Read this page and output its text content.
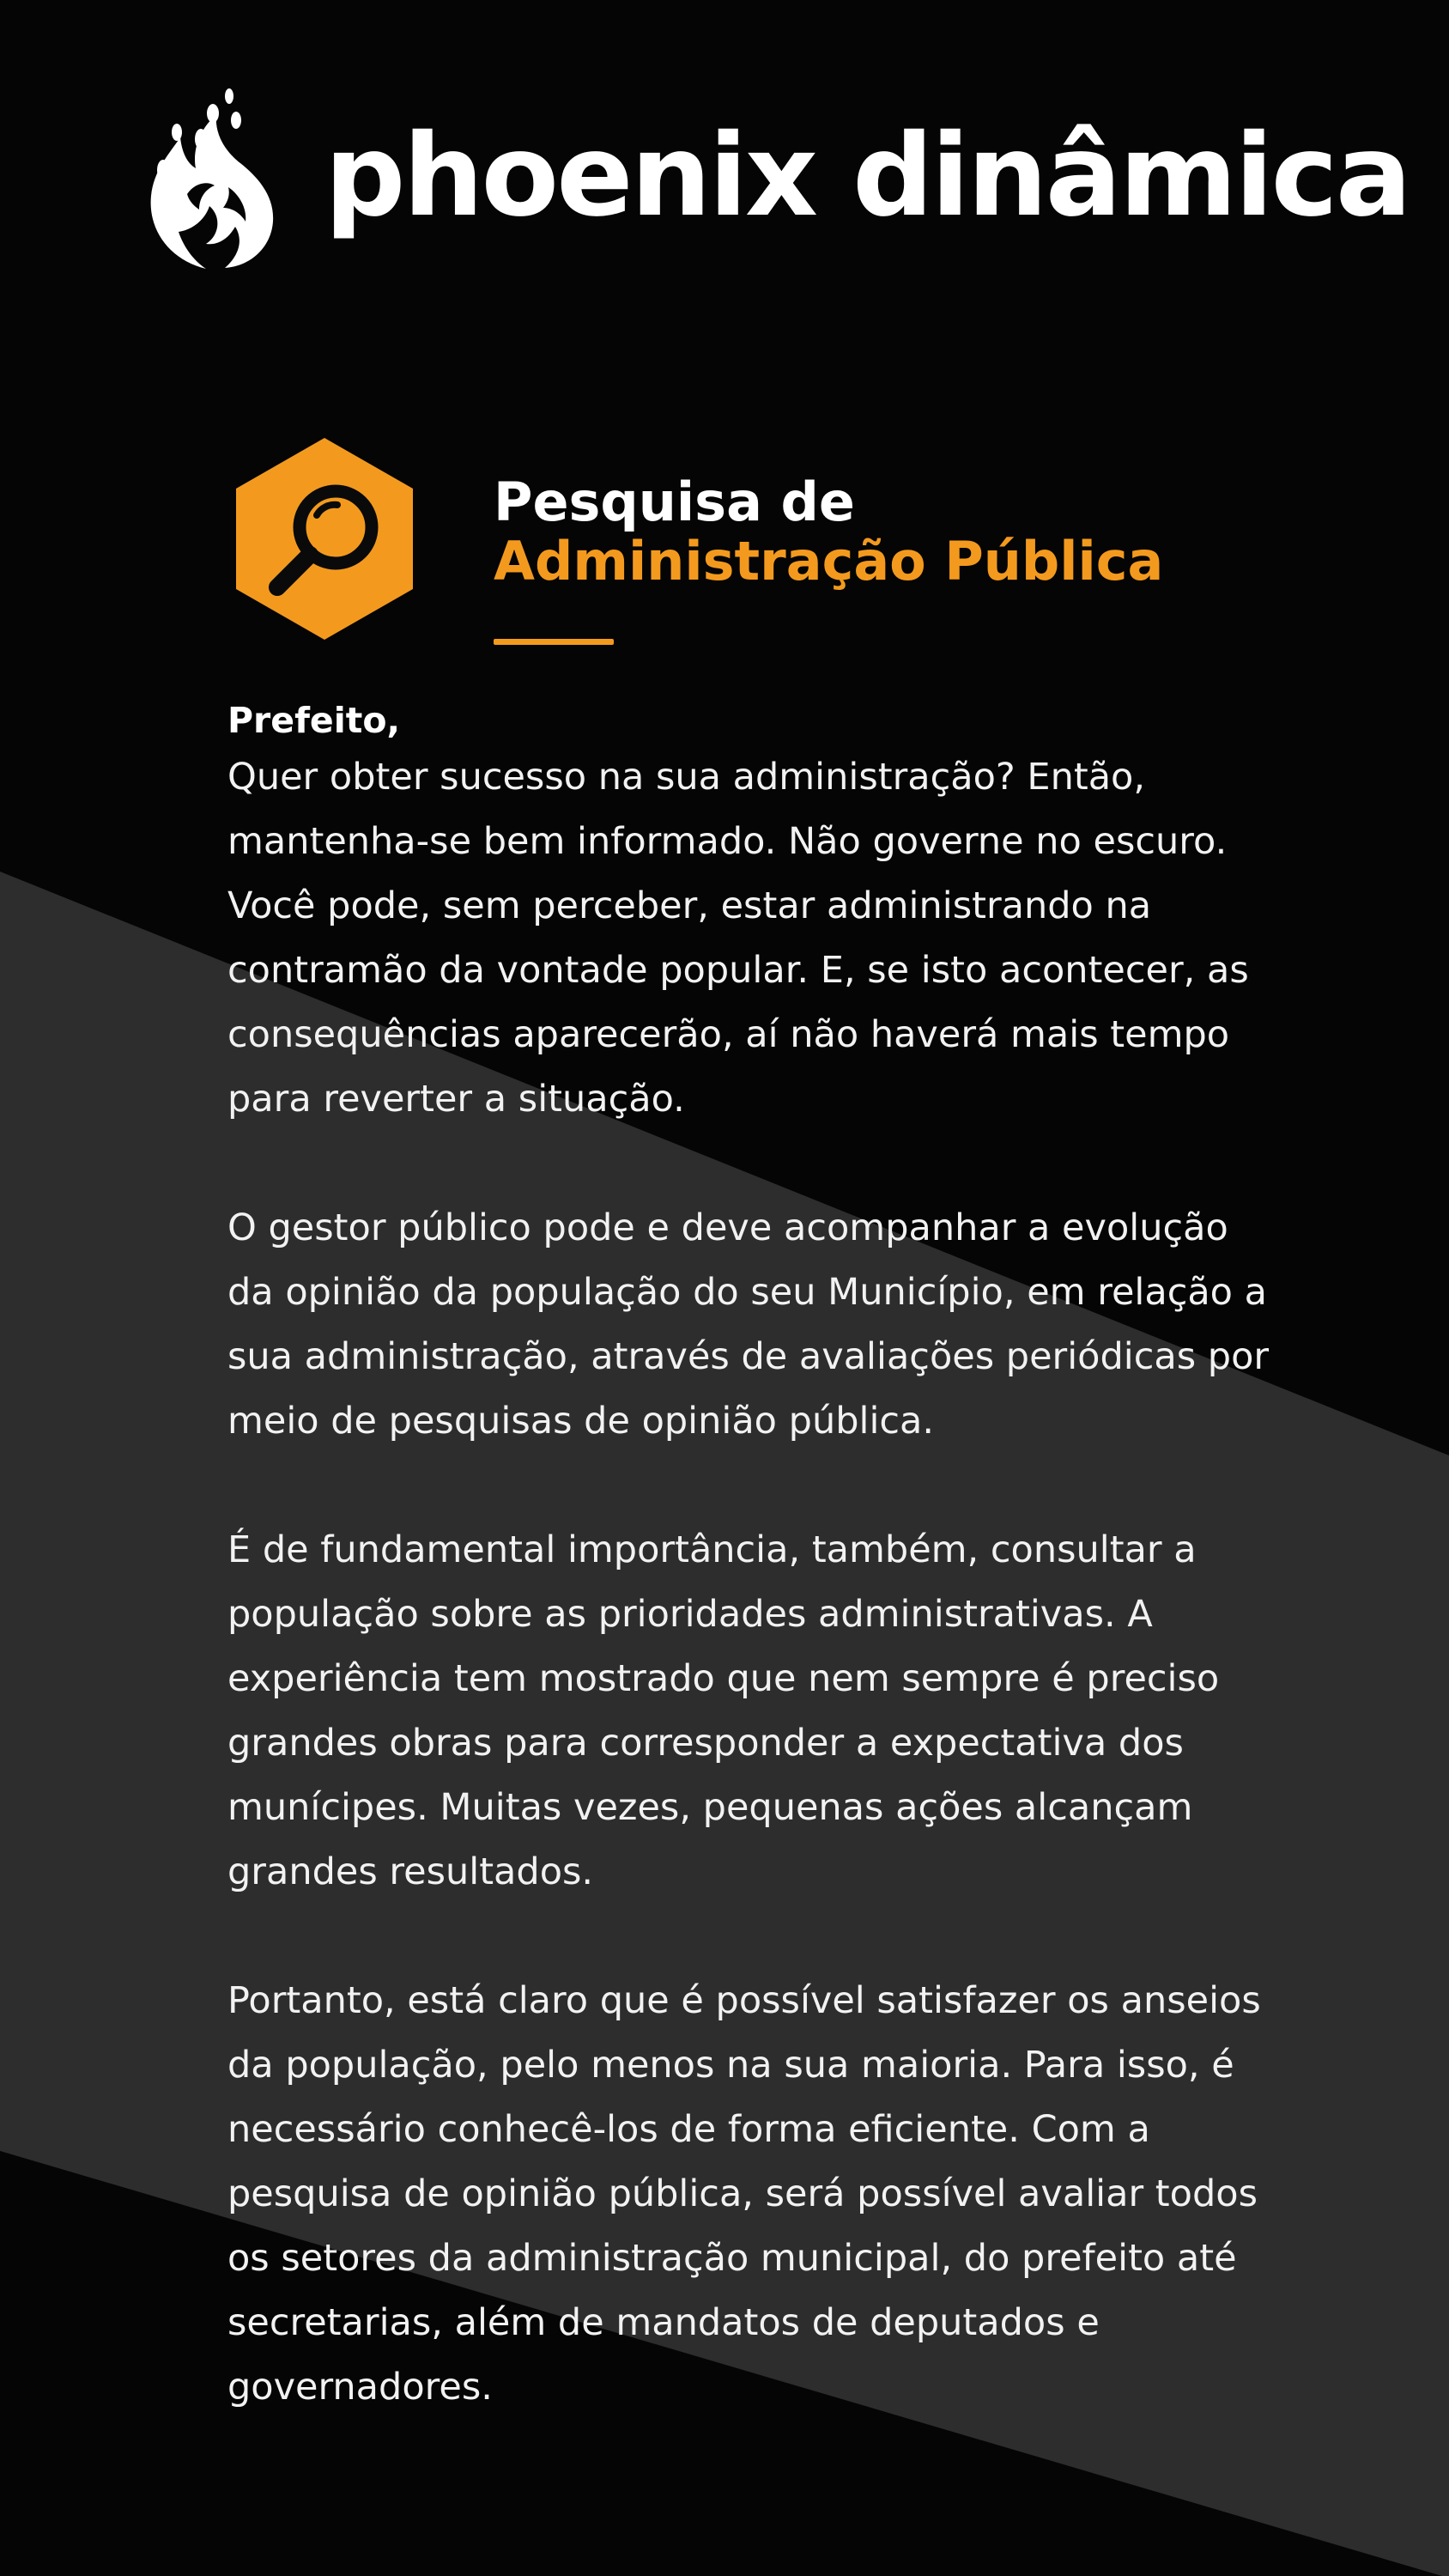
phoenix dinâmica
Pesquisa de
Administração Pública

Prefeito,

Quer obter sucesso na sua administração? Então, mantenha-se bem informado. Não governe no escuro. Você pode, sem perceber, estar administrando na contramão da vontade popular. E, se isto acontecer, as consequências aparecerão, aí não haverá mais tempo para reverter a situação.

O gestor público pode e deve acompanhar a evolução da opinião da população do seu Município, em relação a sua administração, através de avaliações periódicas por meio de pesquisas de opinião pública.

É de fundamental importância, também, consultar a população sobre as prioridades administrativas. A experiência tem mostrado que nem sempre é preciso grandes obras para corresponder a expectativa dos munícipes. Muitas vezes, pequenas ações alcançam grandes resultados.

Portanto, está claro que é possível satisfazer os anseios da população, pelo menos na sua maioria. Para isso, é necessário conhecê-los de forma eficiente. Com a pesquisa de opinião pública, será possível avaliar todos os setores da administração municipal, do prefeito até secretarias, além de mandatos de deputados e governadores.
